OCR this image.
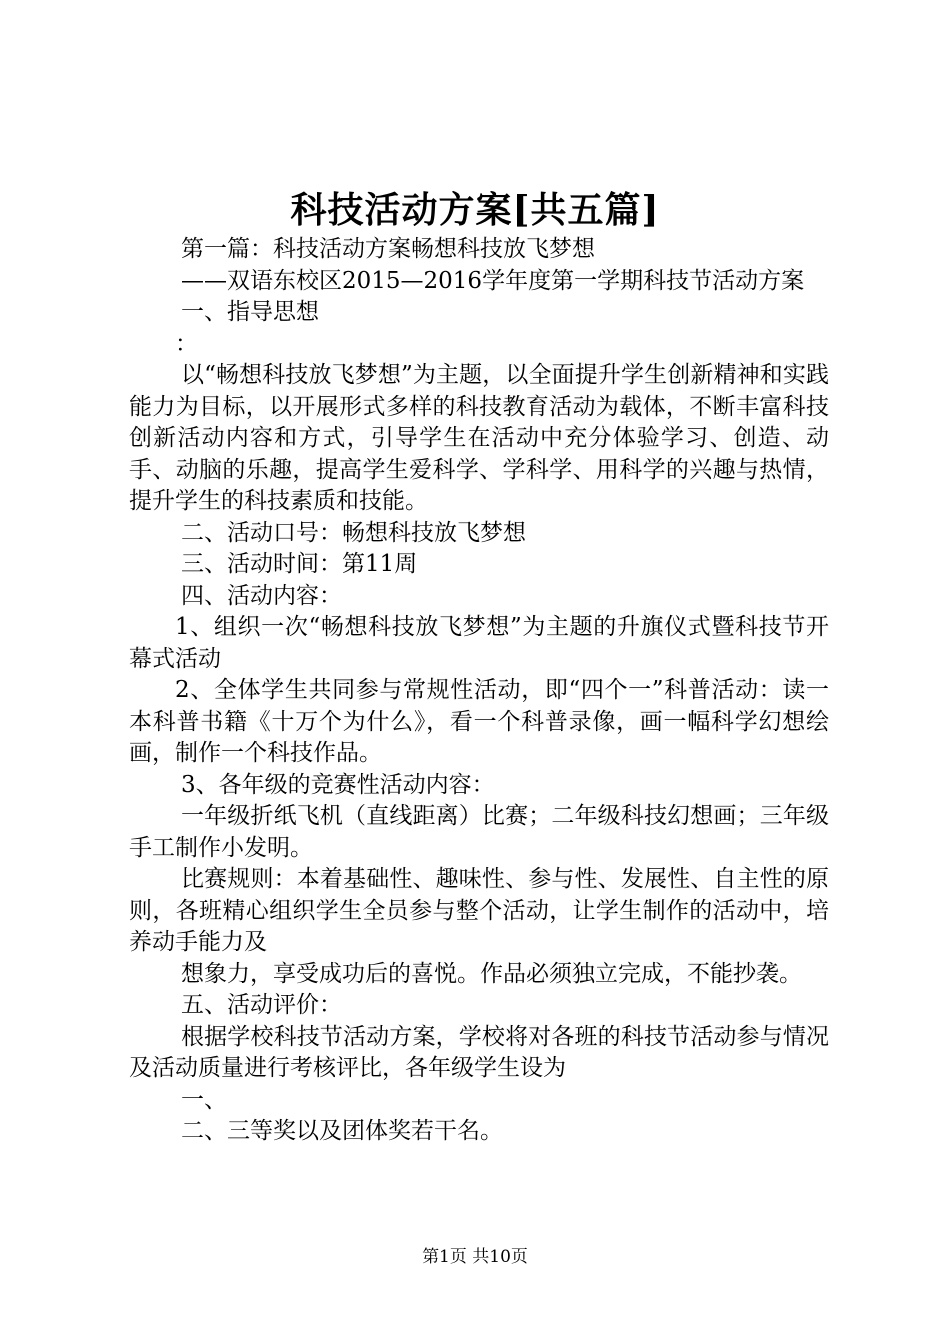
科技活动方案[共五篇]

第一篇：科技活动方案畅想科技放飞梦想

——双语东校区2015—2016学年度第一学期科技节活动方案

一、指导思想

：

以“畅想科技放飞梦想”为主题，以全面提升学生创新精神和实践能力为目标，以开展形式多样的科技教育活动为载体，不断丰富科技创新活动内容和方式，引导学生在活动中充分体验学习、创造、动手、动脑的乐趣，提高学生爱科学、学科学、用科学的兴趣与热情，提升学生的科技素质和技能。

二、活动口号：畅想科技放飞梦想

三、活动时间：第11周

四、活动内容：

1、组织一次“畅想科技放飞梦想”为主题的升旗仪式暨科技节开幕式活动

2、全体学生共同参与常规性活动，即“四个一”科普活动：读一本科普书籍《十万个为什么》，看一个科普录像，画一幅科学幻想绘画，制作一个科技作品。

3、各年级的竞赛性活动内容：

一年级折纸飞机（直线距离）比赛；二年级科技幻想画；三年级手工制作小发明。

比赛规则：本着基础性、趣味性、参与性、发展性、自主性的原则，各班精心组织学生全员参与整个活动，让学生制作的活动中，培养动手能力及

想象力，享受成功后的喜悦。作品必须独立完成，不能抄袭。

五、活动评价：

根据学校科技节活动方案，学校将对各班的科技节活动参与情况及活动质量进行考核评比，各年级学生设为

一、

二、三等奖以及团体奖若干名。

第1页 共10页
